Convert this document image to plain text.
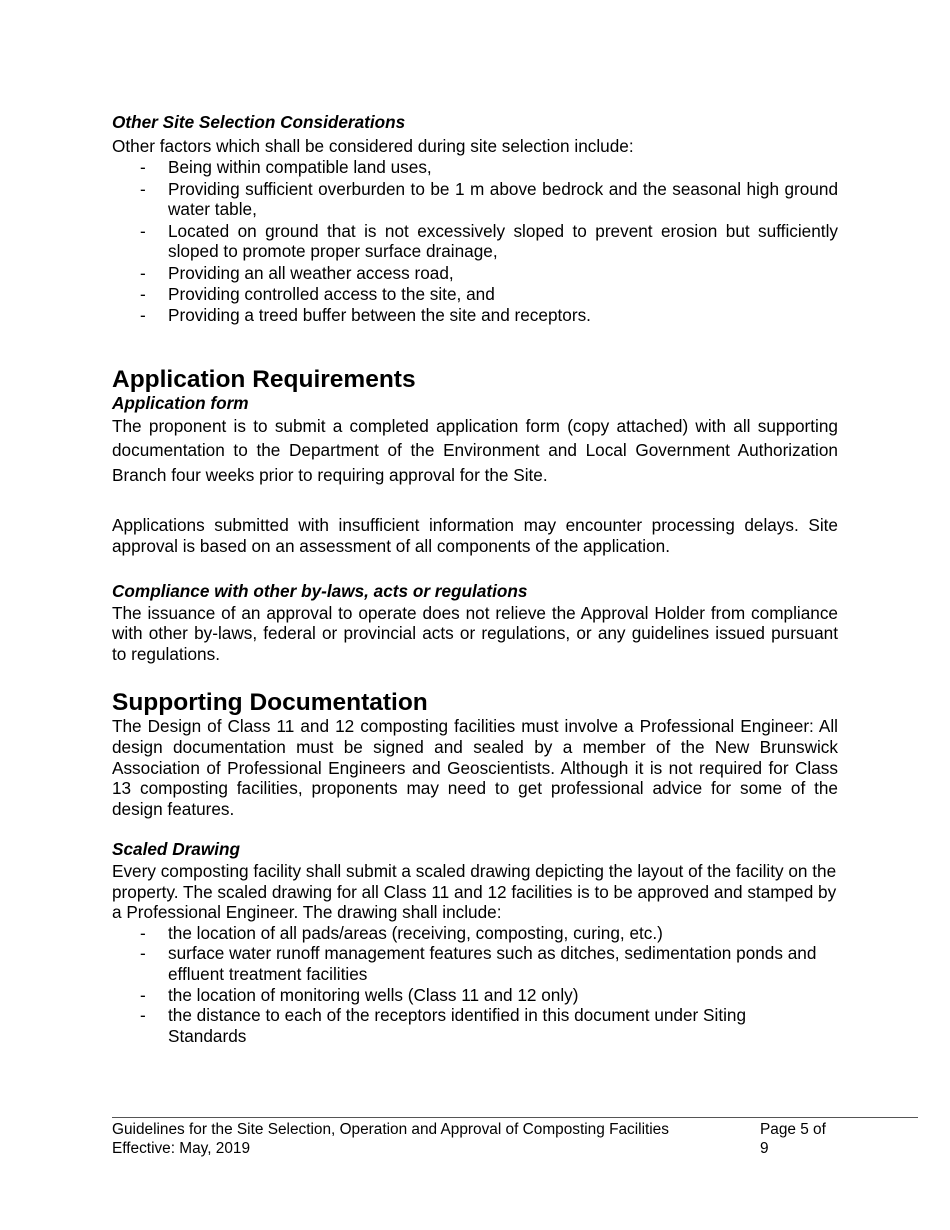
Other Site Selection Considerations

Other factors which shall be considered during site selection include:

- Being within compatible land uses,
- Providing sufficient overburden to be 1 m above bedrock and the seasonal high ground water table,
- Located on ground that is not excessively sloped to prevent erosion but sufficiently sloped to promote proper surface drainage,
- Providing an all weather access road,
- Providing controlled access to the site, and
- Providing a treed buffer between the site and receptors.

Application Requirements

Application form

The proponent is to submit a completed application form (copy attached) with all supporting documentation to the Department of the Environment and Local Government Authorization Branch four weeks prior to requiring approval for the Site.

Applications submitted with insufficient information may encounter processing delays. Site approval is based on an assessment of all components of the application.

Compliance with other by-laws, acts or regulations

The issuance of an approval to operate does not relieve the Approval Holder from compliance with other by-laws, federal or provincial acts or regulations, or any guidelines issued pursuant to regulations.

Supporting Documentation

The Design of Class 11 and 12 composting facilities must involve a Professional Engineer: All design documentation must be signed and sealed by a member of the New Brunswick Association of Professional Engineers and Geoscientists. Although it is not required for Class 13 composting facilities, proponents may need to get professional advice for some of the design features.

Scaled Drawing

Every composting facility shall submit a scaled drawing depicting the layout of the facility on the property. The scaled drawing for all Class 11 and 12 facilities is to be approved and stamped by a Professional Engineer. The drawing shall include:

- the location of all pads/areas (receiving, composting, curing, etc.)
- surface water runoff management features such as ditches, sedimentation ponds and effluent treatment facilities
- the location of monitoring wells (Class 11 and 12 only)
- the distance to each of the receptors identified in this document under Siting Standards
Guidelines for the Site Selection, Operation and Approval of Composting Facilities
Effective: May, 2019
Page 5 of 9
